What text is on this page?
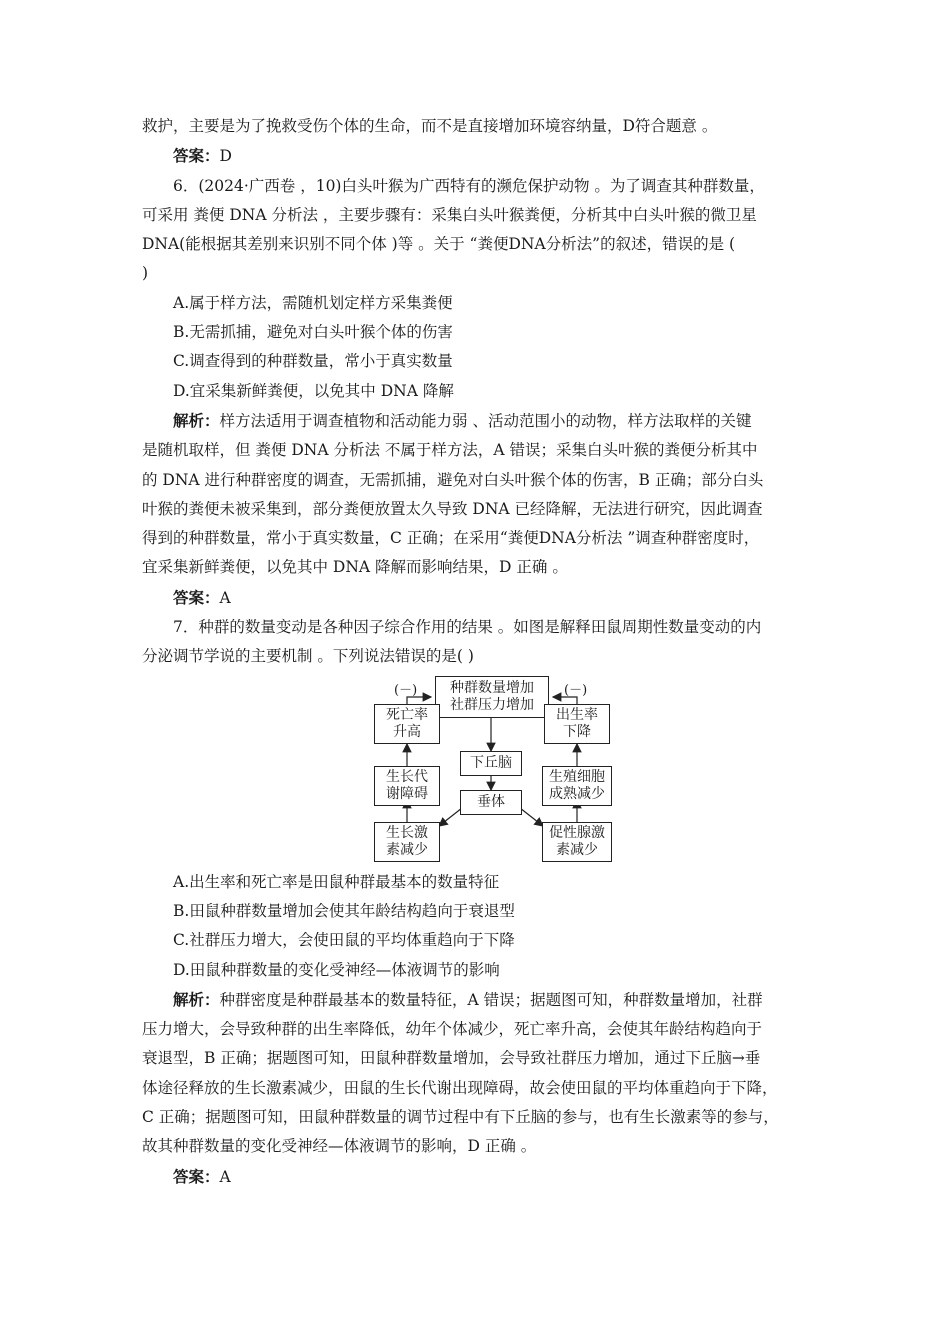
救护，主要是为了挽救受伤个体的生命，而不是直接增加环境容纳量，D符合题意 。
答案：D
6．(2024·广西卷 ，10)白头叶猴为广西特有的濒危保护动物 。为了调查其种群数量，
可采用 粪便 DNA 分析法 ，主要步骤有：采集白头叶猴粪便，分析其中白头叶猴的微卫星
DNA(能根据其差别来识别不同个体 )等 。关于 “粪便DNA分析法”的叙述，错误的是 (
)
A.属于样方法，需随机划定样方采集粪便
B.无需抓捕，避免对白头叶猴个体的伤害
C.调查得到的种群数量，常小于真实数量
D.宜采集新鲜粪便，以免其中 DNA 降解
解析：样方法适用于调查植物和活动能力弱 、活动范围小的动物，样方法取样的关键
是随机取样，但 粪便 DNA 分析法 不属于样方法，A 错误；采集白头叶猴的粪便分析其中
的 DNA 进行种群密度的调查，无需抓捕，避免对白头叶猴个体的伤害，B 正确；部分白头
叶猴的粪便未被采集到，部分粪便放置太久导致 DNA 已经降解，无法进行研究，因此调查
得到的种群数量，常小于真实数量，C 正确；在采用“粪便DNA分析法 ”调查种群密度时，
宜采集新鲜粪便，以免其中 DNA 降解而影响结果，D 正确 。
答案：A
7．种群的数量变动是各种因子综合作用的结果 。如图是解释田鼠周期性数量变动的内
分泌调节学说的主要机制 。下列说法错误的是( )
种群数量增加
社群压力增加
(－)	(－)
死亡率
升高
生长代
谢障碍
生长激
素减少
下丘脑
垂体
出生率
下降
生殖细胞
成熟减少
促性腺激
素减少
A.出生率和死亡率是田鼠种群最基本的数量特征
B.田鼠种群数量增加会使其年龄结构趋向于衰退型
C.社群压力增大，会使田鼠的平均体重趋向于下降
D.田鼠种群数量的变化受神经—体液调节的影响
解析：种群密度是种群最基本的数量特征，A 错误；据题图可知，种群数量增加，社群
压力增大，会导致种群的出生率降低，幼年个体减少，死亡率升高，会使其年龄结构趋向于
衰退型，B 正确；据题图可知，田鼠种群数量增加，会导致社群压力增加，通过下丘脑→垂
体途径释放的生长激素减少，田鼠的生长代谢出现障碍，故会使田鼠的平均体重趋向于下降，
C 正确；据题图可知，田鼠种群数量的调节过程中有下丘脑的参与，也有生长激素等的参与，
故其种群数量的变化受神经—体液调节的影响，D 正确 。
答案：A
